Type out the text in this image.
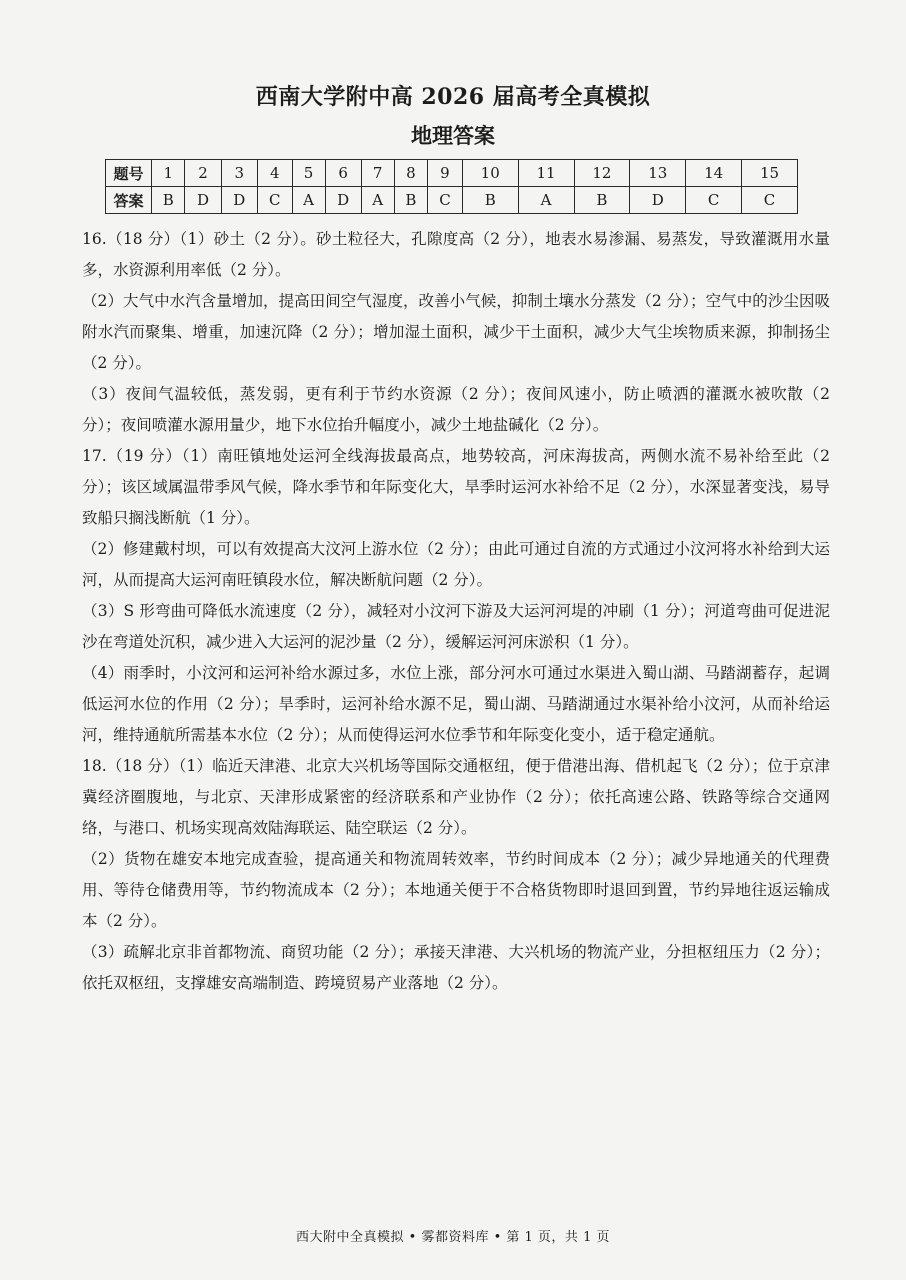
西南大学附中高 2026 届高考全真模拟
地理答案
题号	1	2	3	4	5	6	7	8	9	10	11	12	13	14	15
答案	B	D	D	C	A	D	A	B	C	B	A	B	D	C	C

16.（18 分）（1）砂土（2 分）。砂土粒径大，孔隙度高（2 分），地表水易渗漏、易蒸发，导致灌溉用水量多，水资源利用率低（2 分）。

（2）大气中水汽含量增加，提高田间空气湿度，改善小气候，抑制土壤水分蒸发（2 分）；空气中的沙尘因吸附水汽而聚集、增重，加速沉降（2 分）；增加湿土面积，减少干土面积，减少大气尘埃物质来源，抑制扬尘（2 分）。

（3）夜间气温较低，蒸发弱，更有利于节约水资源（2 分）；夜间风速小，防止喷洒的灌溉水被吹散（2 分）；夜间喷灌水源用量少，地下水位抬升幅度小，减少土地盐碱化（2 分）。

17.（19 分）（1）南旺镇地处运河全线海拔最高点，地势较高，河床海拔高，两侧水流不易补给至此（2 分）；该区域属温带季风气候，降水季节和年际变化大，旱季时运河水补给不足（2 分），水深显著变浅，易导致船只搁浅断航（1 分）。

（2）修建戴村坝，可以有效提高大汶河上游水位（2 分）；由此可通过自流的方式通过小汶河将水补给到大运河，从而提高大运河南旺镇段水位，解决断航问题（2 分）。

（3）S 形弯曲可降低水流速度（2 分），减轻对小汶河下游及大运河河堤的冲刷（1 分）；河道弯曲可促进泥沙在弯道处沉积，减少进入大运河的泥沙量（2 分），缓解运河河床淤积（1 分）。

（4）雨季时，小汶河和运河补给水源过多，水位上涨，部分河水可通过水渠进入蜀山湖、马踏湖蓄存，起调低运河水位的作用（2 分）；旱季时，运河补给水源不足，蜀山湖、马踏湖通过水渠补给小汶河，从而补给运河，维持通航所需基本水位（2 分）；从而使得运河水位季节和年际变化变小，适于稳定通航。

18.（18 分）（1）临近天津港、北京大兴机场等国际交通枢纽，便于借港出海、借机起飞（2 分）；位于京津冀经济圈腹地，与北京、天津形成紧密的经济联系和产业协作（2 分）；依托高速公路、铁路等综合交通网络，与港口、机场实现高效陆海联运、陆空联运（2 分）。

（2）货物在雄安本地完成查验，提高通关和物流周转效率，节约时间成本（2 分）；减少异地通关的代理费用、等待仓储费用等，节约物流成本（2 分）；本地通关便于不合格货物即时退回到置，节约异地往返运输成本（2 分）。

（3）疏解北京非首都物流、商贸功能（2 分）；承接天津港、大兴机场的物流产业，分担枢纽压力（2 分）；依托双枢纽，支撑雄安高端制造、跨境贸易产业落地（2 分）。

西大附中全真模拟 • 雾都资料库 • 第 1 页，共 1 页
